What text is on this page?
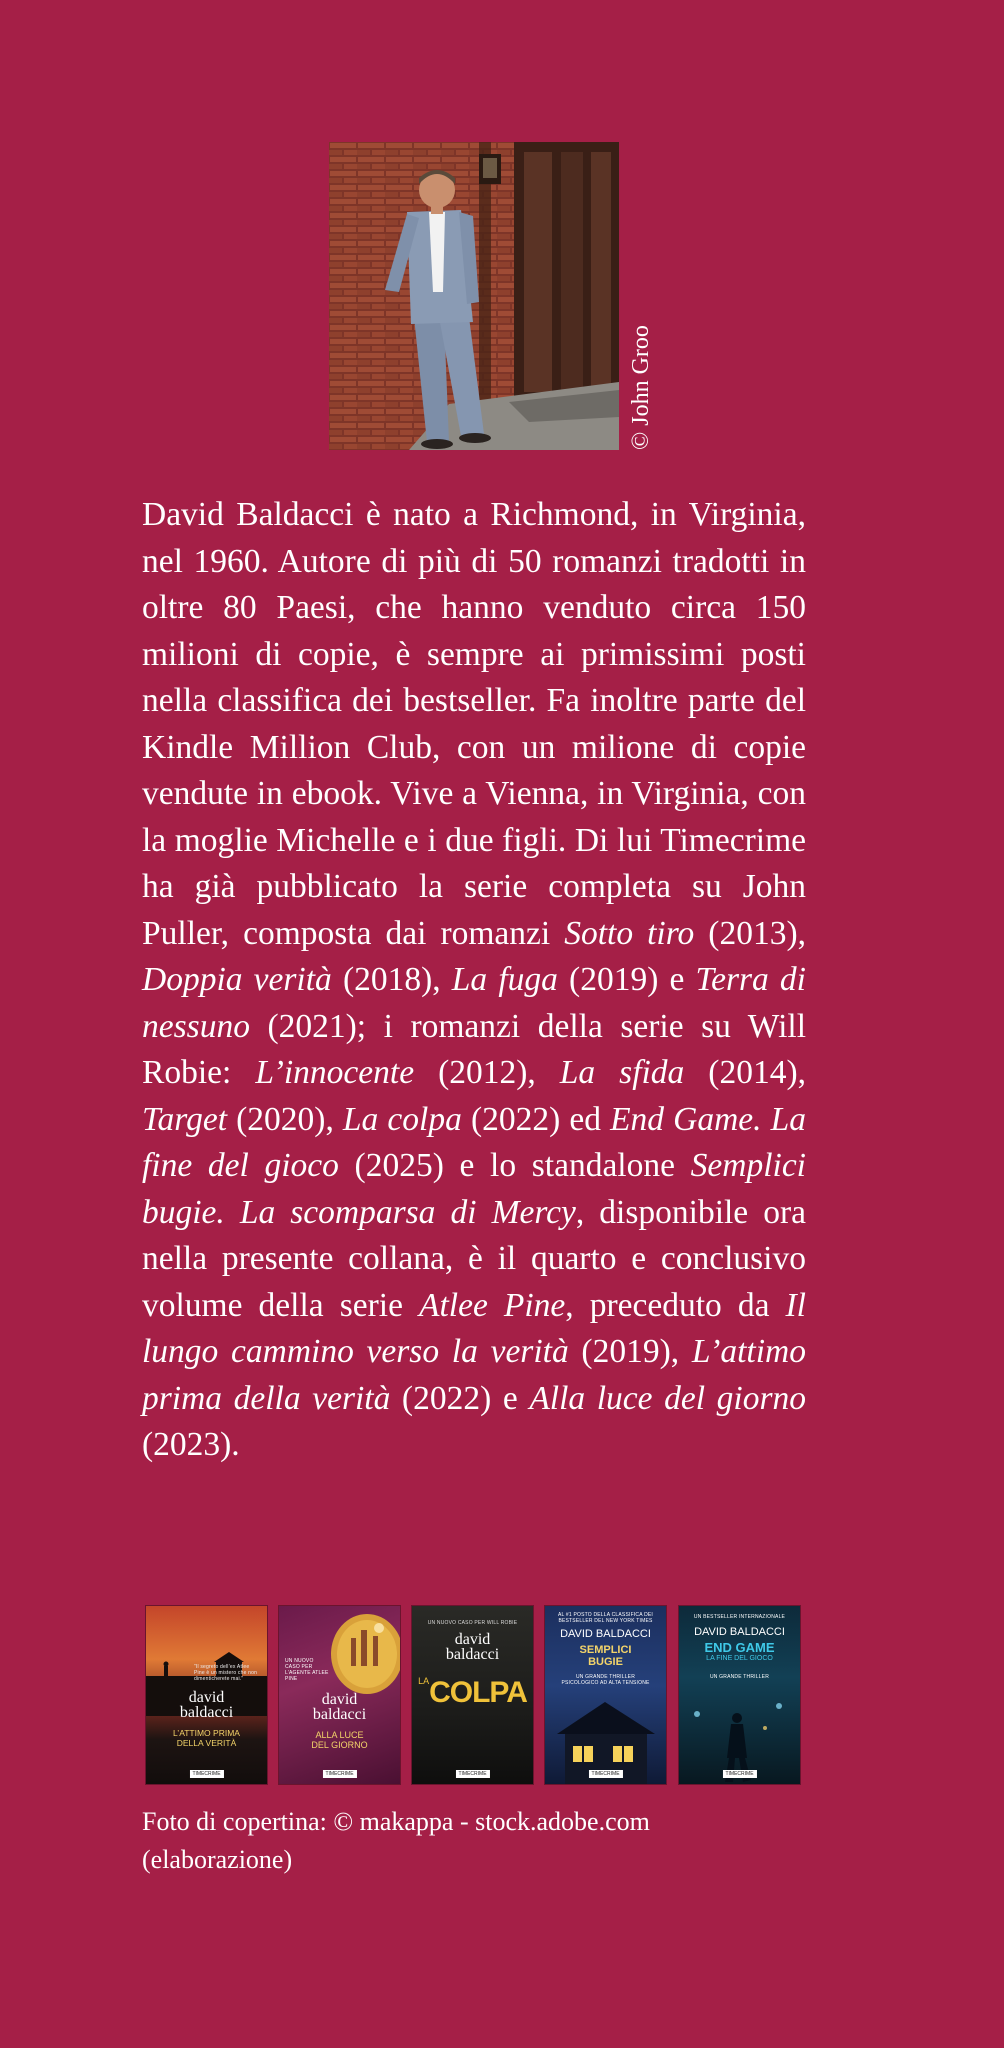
© John Groo
David Baldacci è nato a Richmond, in Virginia, nel 1960. Autore di più di 50 romanzi tradotti in oltre 80 Paesi, che hanno venduto circa 150 milioni di copie, è sempre ai primissimi posti nella classifica dei bestseller. Fa inoltre parte del Kindle Million Club, con un milione di copie vendute in ebook. Vive a Vienna, in Virginia, con la moglie Michelle e i due figli. Di lui Timecrime ha già pubblicato la serie completa su John Puller, composta dai romanzi Sotto tiro (2013), Doppia verità (2018), La fuga (2019) e Terra di nessuno (2021); i romanzi della serie su Will Robie: L’innocente (2012), La sfida (2014), Target (2020), La colpa (2022) ed End Game. La fine del gioco (2025) e lo standalone Semplici bugie. La scomparsa di Mercy, disponibile ora nella presente collana, è il quarto e conclusivo volume della serie Atlee Pine, preceduto da Il lungo cammino verso la verità (2019), L’attimo prima della verità (2022) e Alla luce del giorno (2023).
“Il segreto dell’ex Atlee Pine è un mistero che non dimenticherete mai.”
david
baldacci
L’ATTIMO PRIMA
DELLA VERITÀ
TIMECRIME
UN NUOVO CASO PER L’AGENTE ATLEE PINE
david
baldacci
ALLA LUCE
DEL GIORNO
TIMECRIME
UN NUOVO CASO PER WILL ROBIE
david
baldacci
$^{LA}$COLPA
TIMECRIME
AL #1 POSTO DELLA CLASSIFICA DEI BESTSELLER DEL NEW YORK TIMES
DAVID BALDACCI
SEMPLICI
BUGIE
UN GRANDE THRILLER PSICOLOGICO AD ALTA TENSIONE
TIMECRIME
UN BESTSELLER INTERNAZIONALE
DAVID BALDACCI
END GAME
LA FINE DEL GIOCO
UN GRANDE THRILLER
TIMECRIME
Foto di copertina: © makappa - stock.adobe.com
(elaborazione)
